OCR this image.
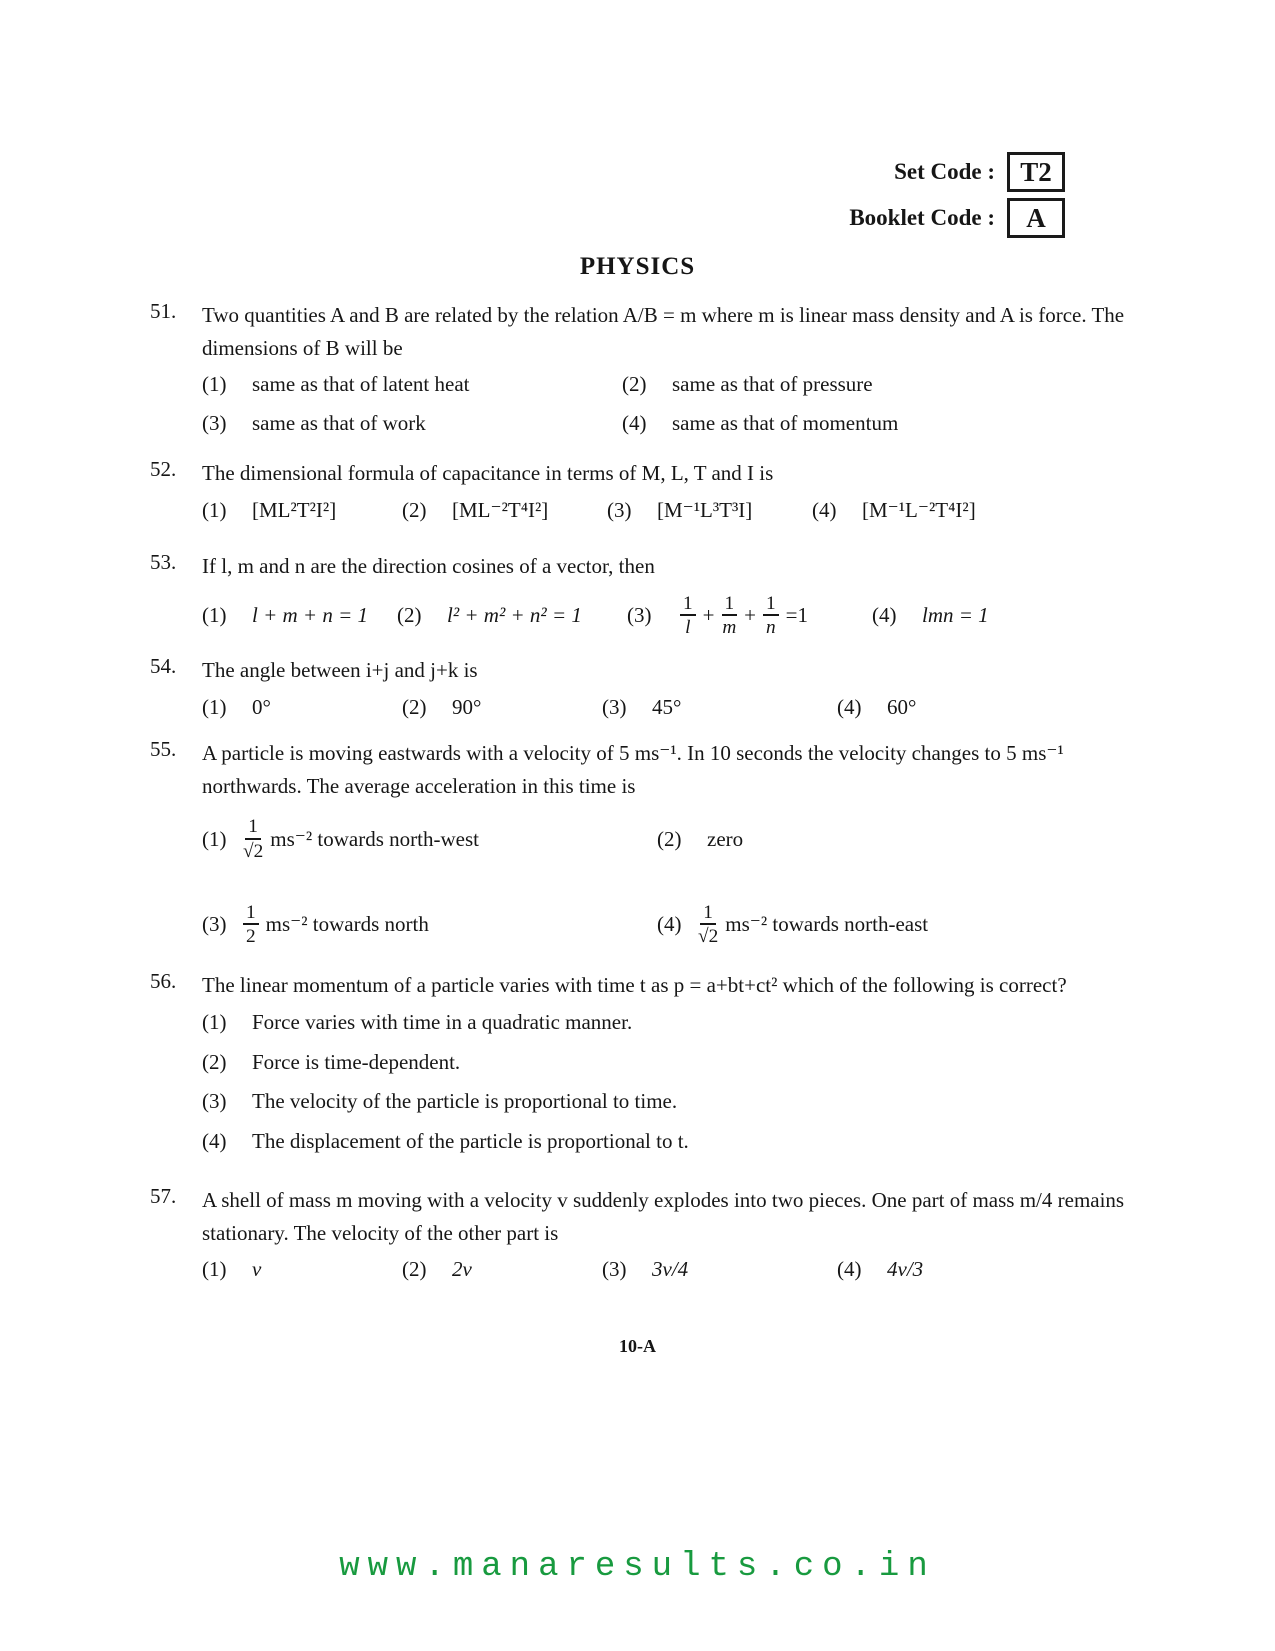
Set Code : T2
Booklet Code :	A
PHYSICS
51.	Two quantities A and B are related by the relation A/B = m where m is linear mass density and A is force. The dimensions of B will be
(1)	same as that of latent heat	(2)	same as that of pressure
(3)	same as that of work	(4)	same as that of momentum
52.	The dimensional formula of capacitance in terms of M, L, T and I is
(1)	[ML²T²I²]	(2)	[ML⁻²T⁴I²]	(3)	[M⁻¹L³T³I]	(4)	[M⁻¹L⁻²T⁴I²]
53.	If l, m and n are the direction cosines of a vector, then
(1)	l + m + n = 1 (2)	l² + m² + n² = 1 (3)	$\frac{1}{l} + \frac{1}{m} + \frac{1}{n} =1$	(4)	lmn = 1
54.	The angle between i+j and j+k is
(1)	0°	(2)	90°	(3)	45°	(4)	60°
55.	A particle is moving eastwards with a velocity of 5 ms⁻¹. In 10 seconds the velocity changes to 5 ms⁻¹ northwards. The average acceleration in this time is
$(1) \frac{1}{√2} ms^{-2}$ towards north-west	(2)	zero
$(3) \frac{1}{2} ms^{-2}$ towards north	$(4) \frac{1}{√2} ms^{-2}$ towards north-east
56.	The linear momentum of a particle varies with time t as p = a+bt+ct² which of the following is correct?
(1)	Force varies with time in a quadratic manner.
(2)	Force is time-dependent.
(3)	The velocity of the particle is proportional to time.
(4)	The displacement of the particle is proportional to t.
57.	A shell of mass m moving with a velocity v suddenly explodes into two pieces. One part of mass m/4 remains stationary. The velocity of the other part is
(1)	v	(2)	2v	(3)	3v/4	(4)	4v/3
10-A
www.manaresults.co.in
